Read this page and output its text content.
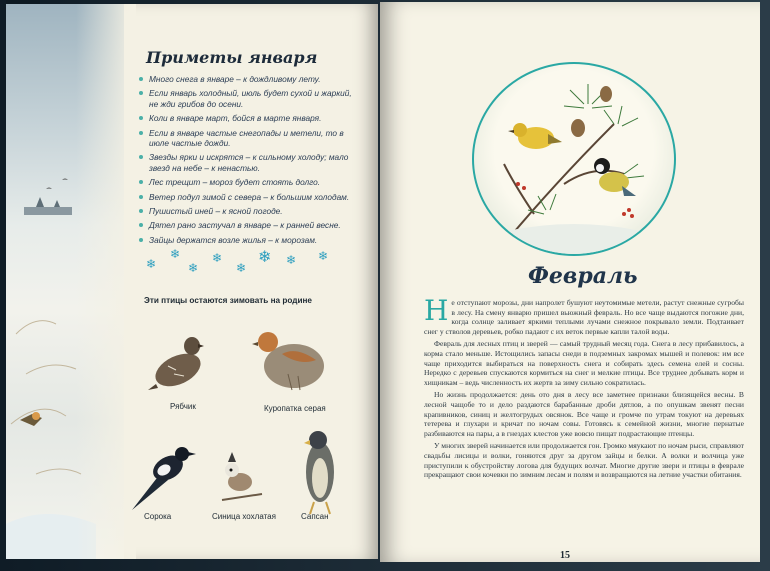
Приметы января
Много снега в январе – к дождливому лету.
Если январь холодный, июль будет сухой и жаркий, не жди грибов до осени.
Коли в январе март, бойся в марте января.
Если в январе частые снегопады и метели, то в июле частые дожди.
Звезды ярки и искрятся – к сильному холоду; мало звезд на небе – к ненастью.
Лес трещит – мороз будет стоять долго.
Ветер подул зимой с севера – к большим холодам.
Пушистый иней – к ясной погоде.
Дятел рано застучал в январе – к ранней весне.
Зайцы держатся возле жилья – к морозам.
❄
❄
❄
❄
❄
❄ ❄ ❄
Эти птицы остаются зимовать на родине
Рябчик	Куропатка серая
Сорока	Синица хохлатая	Сапсан
Февраль

Не отступают морозы, дни напролет бушуют неутомимые метели, растут снежные сугробы в лесу. На смену январю пришел вьюжный февраль. Но все чаще выдаются погожие дни, когда солнце заливает яркими теплыми лучами снежное покрывало земли. Подтаивает снег у стволов деревьев, робко падают с их веток первые капли талой воды.

Февраль для лесных птиц и зверей — самый трудный месяц года. Снега в лесу прибавилось, а корма стало меньше. Истощились запасы снеди в подземных закромах мышей и полевок: им все чаще приходится выбираться на поверхность снега и собирать здесь семена елей и сосны. Нередко с деревьев спускаются кормиться на снег и мелкие птицы. Все труднее добывать корм и хищникам – ведь численность их жертв за зиму сильно сократилась.

Но жизнь продолжается: день ото дня в лесу все заметнее признаки близящейся весны. В лесной чащобе то и дело раздаются барабанные дроби дятлов, а по опушкам звенят песни крапивников, синиц и желтогрудых овсянок. Все чаще и громче по утрам токуют на деревьях тетерева и глухари и кричат по ночам совы. Готовясь к семейной жизни, многие пернатые разбиваются на пары, а в гнездах клестов уже вовсю пищат подрастающие птенцы.

У многих зверей начинается или продолжается гон. Громко мяукают по ночам рыси, справляют свадьбы лисицы и волки, гоняются друг за другом зайцы и белки. А волки и волчица уже приступили к обустройству логова для будущих волчат. Многие другие звери и птицы в феврале прекращают свои кочевки по зимним лесам и полям и возвращаются на летние участки обитания.

15
